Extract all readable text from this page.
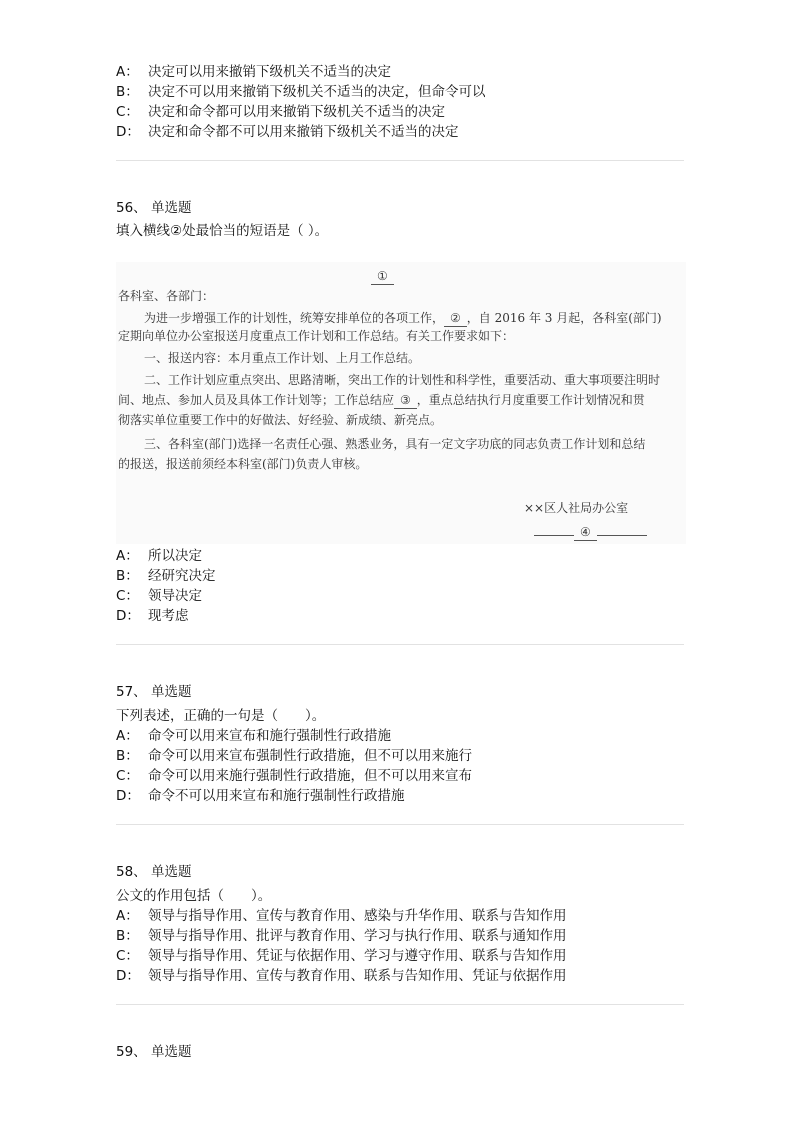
A： 决定可以用来撤销下级机关不适当的决定
B： 决定不可以用来撤销下级机关不适当的决定，但命令可以
C： 决定和命令都可以用来撤销下级机关不适当的决定
D： 决定和命令都不可以用来撤销下级机关不适当的决定
56、 单选题
填入横线②处最恰当的短语是（ ）。
①
各科室、各部门：
为进一步增强工作的计划性，统筹安排单位的各项工作， ② ，自 2016 年 3 月起，各科室(部门)
定期向单位办公室报送月度重点工作计划和工作总结。有关工作要求如下：
一、报送内容：本月重点工作计划、上月工作总结。
二、工作计划应重点突出、思路清晰，突出工作的计划性和科学性，重要活动、重大事项要注明时
间、地点、参加人员及具体工作计划等；工作总结应 ③ ，重点总结执行月度重要工作计划情况和贯
彻落实单位重要工作中的好做法、好经验、新成绩、新亮点。
三、各科室(部门)选择一名责任心强、熟悉业务，具有一定文字功底的同志负责工作计划和总结
的报送，报送前须经本科室(部门)负责人审核。
××区人社局办公室
④
A： 所以决定
B： 经研究决定
C： 领导决定
D： 现考虑
57、 单选题
下列表述，正确的一句是（　　）。
A： 命令可以用来宣布和施行强制性行政措施
B： 命令可以用来宣布强制性行政措施，但不可以用来施行
C： 命令可以用来施行强制性行政措施，但不可以用来宣布
D： 命令不可以用来宣布和施行强制性行政措施
58、 单选题
公文的作用包括（　　）。
A： 领导与指导作用、宣传与教育作用、感染与升华作用、联系与告知作用
B： 领导与指导作用、批评与教育作用、学习与执行作用、联系与通知作用
C： 领导与指导作用、凭证与依据作用、学习与遵守作用、联系与告知作用
D： 领导与指导作用、宣传与教育作用、联系与告知作用、凭证与依据作用
59、 单选题
